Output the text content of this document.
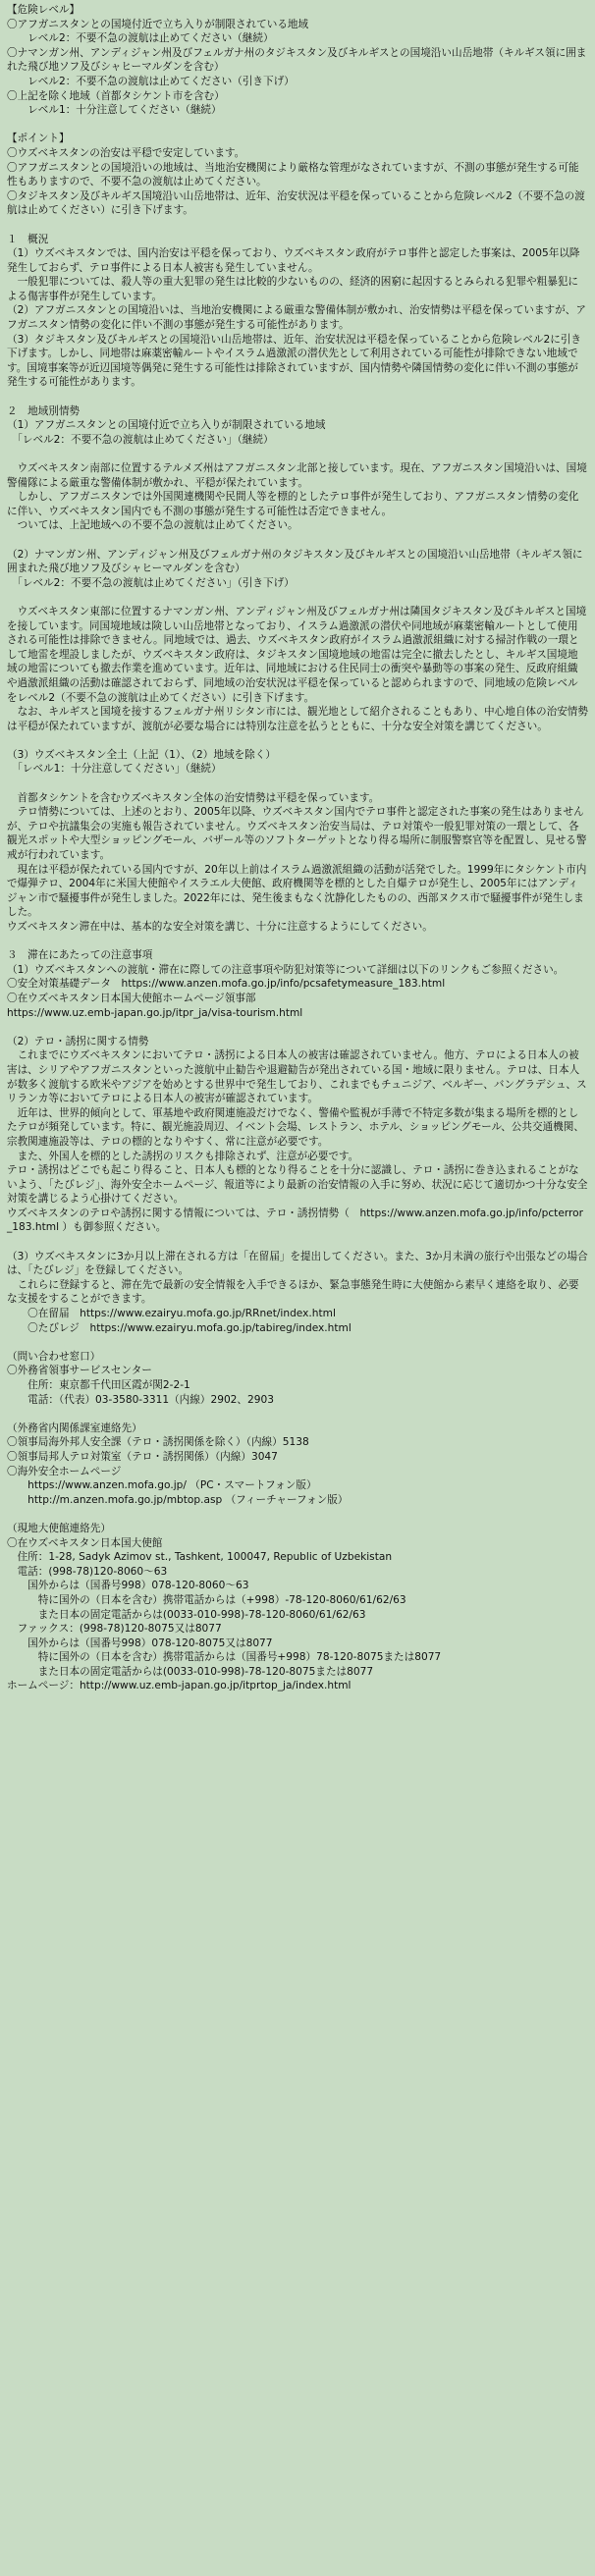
【危険レベル】
〇アフガニスタンとの国境付近で立ち入りが制限されている地域
　　レベル2：不要不急の渡航は止めてください（継続）
〇ナマンガン州、アンディジャン州及びフェルガナ州のタジキスタン及びキルギスとの国境沿い山岳地帯（キルギス領に囲まれた飛び地ソフ及びシャヒーマルダンを含む）
　　レベル2：不要不急の渡航は止めてください（引き下げ）
〇上記を除く地域（首都タシケント市を含む）
　　レベル1：十分注意してください（継続）
【ポイント】
〇ウズベキスタンの治安は平穏で安定しています。
〇アフガニスタンとの国境沿いの地域は、当地治安機関により厳格な管理がなされていますが、不測の事態が発生する可能性もありますので、不要不急の渡航は止めてください。
〇タジキスタン及びキルギス国境沿い山岳地帯は、近年、治安状況は平穏を保っていることから危険レベル2（不要不急の渡航は止めてください）に引き下げます。
１　概況
（1）ウズベキスタンでは、国内治安は平穏を保っており、ウズベキスタン政府がテロ事件と認定した事案は、2005年以降発生しておらず、テロ事件による日本人被害も発生していません。
　一般犯罪については、殺人等の重大犯罪の発生は比較的少ないものの、経済的困窮に起因するとみられる犯罪や粗暴犯による傷害事件が発生しています。
（2）アフガニスタンとの国境沿いは、当地治安機関による厳重な警備体制が敷かれ、治安情勢は平穏を保っていますが、アフガニスタン情勢の変化に伴い不測の事態が発生する可能性があります。
（3）タジキスタン及びキルギスとの国境沿い山岳地帯は、近年、治安状況は平穏を保っていることから危険レベル2に引き下げます。しかし、同地帯は麻薬密輸ルートやイスラム過激派の潜伏先として利用されている可能性が排除できない地域です。国境事案等が近辺国境等偶発に発生する可能性は排除されていますが、国内情勢や隣国情勢の変化に伴い不測の事態が発生する可能性があります。
２　地域別情勢
（1）アフガニスタンとの国境付近で立ち入りが制限されている地域
　「レベル2：不要不急の渡航は止めてください」（継続）
　ウズベキスタン南部に位置するテルメズ州はアフガニスタン北部と接しています。現在、アフガニスタン国境沿いは、国境警備隊による厳重な警備体制が敷かれ、平穏が保たれています。
　しかし、アフガニスタンでは外国関連機関や民間人等を標的としたテロ事件が発生しており、アフガニスタン情勢の変化に伴い、ウズベキスタン国内でも不測の事態が発生する可能性は否定できません。
　ついては、上記地域への不要不急の渡航は止めてください。
（2）ナマンガン州、アンディジャン州及びフェルガナ州のタジキスタン及びキルギスとの国境沿い山岳地帯（キルギス領に囲まれた飛び地ソフ及びシャヒーマルダンを含む）
　「レベル2：不要不急の渡航は止めてください」（引き下げ）
　ウズベキスタン東部に位置するナマンガン州、アンディジャン州及びフェルガナ州は隣国タジキスタン及びキルギスと国境を接しています。同国境地域は険しい山岳地帯となっており、イスラム過激派の潜伏や同地域が麻薬密輸ルートとして使用される可能性は排除できません。同地域では、過去、ウズベキスタン政府がイスラム過激派組織に対する掃討作戦の一環として地雷を埋設しましたが、ウズベキスタン政府は、タジキスタン国境地域の地雷は完全に撤去したとし、キルギス国境地域の地雷についても撤去作業を進めています。近年は、同地域における住民同士の衝突や暴動等の事案の発生、反政府組織や過激派組織の活動は確認されておらず、同地域の治安状況は平穏を保っていると認められますので、同地域の危険レベルをレベル2（不要不急の渡航は止めてください）に引き下げます。
　なお、キルギスと国境を接するフェルガナ州リシタン市には、観光地として紹介されることもあり、中心地自体の治安情勢は平穏が保たれていますが、渡航が必要な場合には特別な注意を払うとともに、十分な安全対策を講じてください。
（3）ウズベキスタン全土（上記（1）、（2）地域を除く）
　「レベル1：十分注意してください」（継続）
　首都タシケントを含むウズベキスタン全体の治安情勢は平穏を保っています。
　テロ情勢については、上述のとおり、2005年以降、ウズベキスタン国内でテロ事件と認定された事案の発生はありませんが、テロや抗議集会の実施も報告されていません。ウズベキスタン治安当局は、テロ対策や一般犯罪対策の一環として、各観光スポットや大型ショッピングモール、バザール等のソフトターゲットとなり得る場所に制服警察官等を配置し、見せる警戒が行われています。
　現在は平穏が保たれている国内ですが、20年以上前はイスラム過激派組織の活動が活発でした。1999年にタシケント市内で爆弾テロ、2004年に米国大使館やイスラエル大使館、政府機関等を標的とした自爆テロが発生し、2005年にはアンディジャン市で騒擾事件が発生しました。2022年には、発生後まもなく沈静化したものの、西部ヌクス市で騒擾事件が発生しました。
ウズベキスタン滞在中は、基本的な安全対策を講じ、十分に注意するようにしてください。
３　滞在にあたっての注意事項
（1）ウズベキスタンへの渡航・滞在に際しての注意事項や防犯対策等について詳細は以下のリンクもご参照ください。
〇安全対策基礎データ　https://www.anzen.mofa.go.jp/info/pcsafetymeasure_183.html
〇在ウズベキスタン日本国大使館ホームページ領事部
https://www.uz.emb-japan.go.jp/itpr_ja/visa-tourism.html
（2）テロ・誘拐に関する情勢
　これまでにウズベキスタンにおいてテロ・誘拐による日本人の被害は確認されていません。他方、テロによる日本人の被害は、シリアやアフガニスタンといった渡航中止勧告や退避勧告が発出されている国・地域に限りません。テロは、日本人が数多く渡航する欧米やアジアを始めとする世界中で発生しており、これまでもチュニジア、ベルギー、バングラデシュ、スリランカ等においてテロによる日本人の被害が確認されています。
　近年は、世界的傾向として、軍基地や政府関連施設だけでなく、警備や監視が手薄で不特定多数が集まる場所を標的としたテロが頻発しています。特に、観光施設周辺、イベント会場、レストラン、ホテル、ショッピングモール、公共交通機関、宗教関連施設等は、テロの標的となりやすく、常に注意が必要です。
　また、外国人を標的とした誘拐のリスクも排除されず、注意が必要です。
テロ・誘拐はどこでも起こり得ること、日本人も標的となり得ることを十分に認識し、テロ・誘拐に巻き込まれることがないよう、「たびレジ」、海外安全ホームページ、報道等により最新の治安情報の入手に努め、状況に応じて適切かつ十分な安全対策を講じるよう心掛けてください。
ウズベキスタンのテロや誘拐に関する情報については、テロ・誘拐情勢（　https://www.anzen.mofa.go.jp/info/pcterror_183.html ）も御参照ください。
（3）ウズベキスタンに3か月以上滞在される方は「在留届」を提出してください。また、3か月未満の旅行や出張などの場合は、「たびレジ」を登録してください。
　これらに登録すると、滞在先で最新の安全情報を入手できるほか、緊急事態発生時に大使館から素早く連絡を取り、必要な支援をすることができます。
　　〇在留届　https://www.ezairyu.mofa.go.jp/RRnet/index.html
　　〇たびレジ　https://www.ezairyu.mofa.go.jp/tabireg/index.html
（問い合わせ窓口）
〇外務省領事サービスセンター
　　住所：東京都千代田区霞が関2-2-1
　　電話：（代表）03-3580-3311（内線）2902、2903
（外務省内関係課室連絡先）
〇領事局海外邦人安全課（テロ・誘拐関係を除く）（内線）5138
〇領事局邦人テロ対策室（テロ・誘拐関係）（内線）3047
〇海外安全ホームページ
　　https://www.anzen.mofa.go.jp/ （PC・スマートフォン版）
　　http://m.anzen.mofa.go.jp/mbtop.asp （フィーチャーフォン版）
（現地大使館連絡先）
〇在ウズベキスタン日本国大使館
　住所：1-28, Sadyk Azimov st., Tashkent, 100047, Republic of Uzbekistan
　電話：(998-78)120-8060～63
　　国外からは（国番号998）078-120-8060～63
　　　特に国外の（日本を含む）携帯電話からは（+998）-78-120-8060/61/62/63
　　　また日本の固定電話からは(0033-010-998)-78-120-8060/61/62/63
　ファックス：(998-78)120-8075又は8077
　　国外からは（国番号998）078-120-8075又は8077
　　　特に国外の（日本を含む）携帯電話からは（国番号+998）78-120-8075または8077
　　　また日本の固定電話からは(0033-010-998)-78-120-8075または8077
ホームページ：http://www.uz.emb-japan.go.jp/itprtop_ja/index.html
